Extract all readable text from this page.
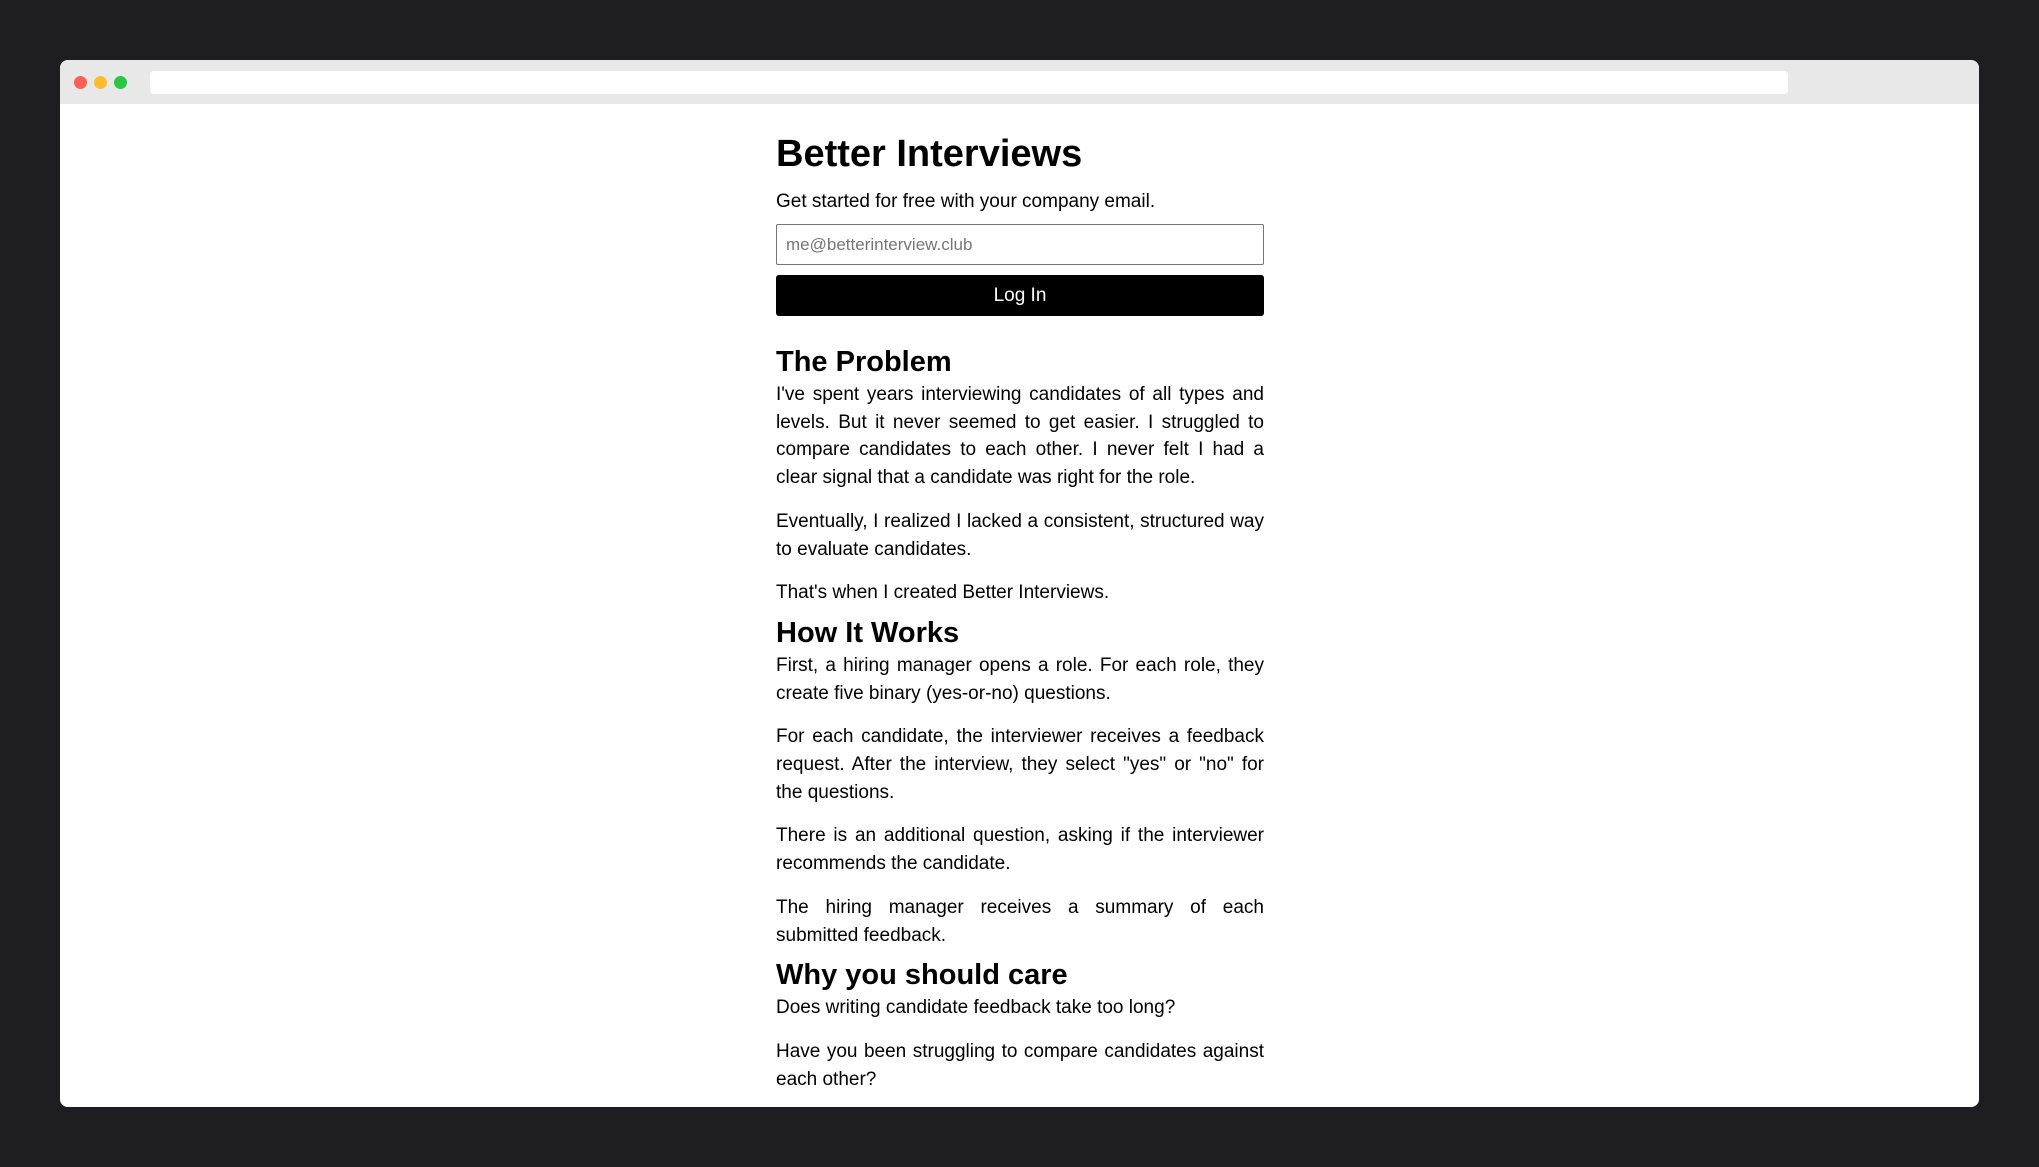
Better Interviews

Get started for free with your company email.

me@betterinterview.club
Log In
The Problem

I've spent years interviewing candidates of all types and levels. But it never seemed to get easier. I struggled to compare candidates to each other. I never felt I had a clear signal that a candidate was right for the role.

Eventually, I realized I lacked a consistent, structured way to evaluate candidates.

That's when I created Better Interviews.

How It Works

First, a hiring manager opens a role. For each role, they create five binary (yes-or-no) questions.

For each candidate, the interviewer receives a feedback request. After the interview, they select "yes" or "no" for the questions.

There is an additional question, asking if the interviewer recommends the candidate.

The hiring manager receives a summary of each submitted feedback.

Why you should care

Does writing candidate feedback take too long?

Have you been struggling to compare candidates against each other?
